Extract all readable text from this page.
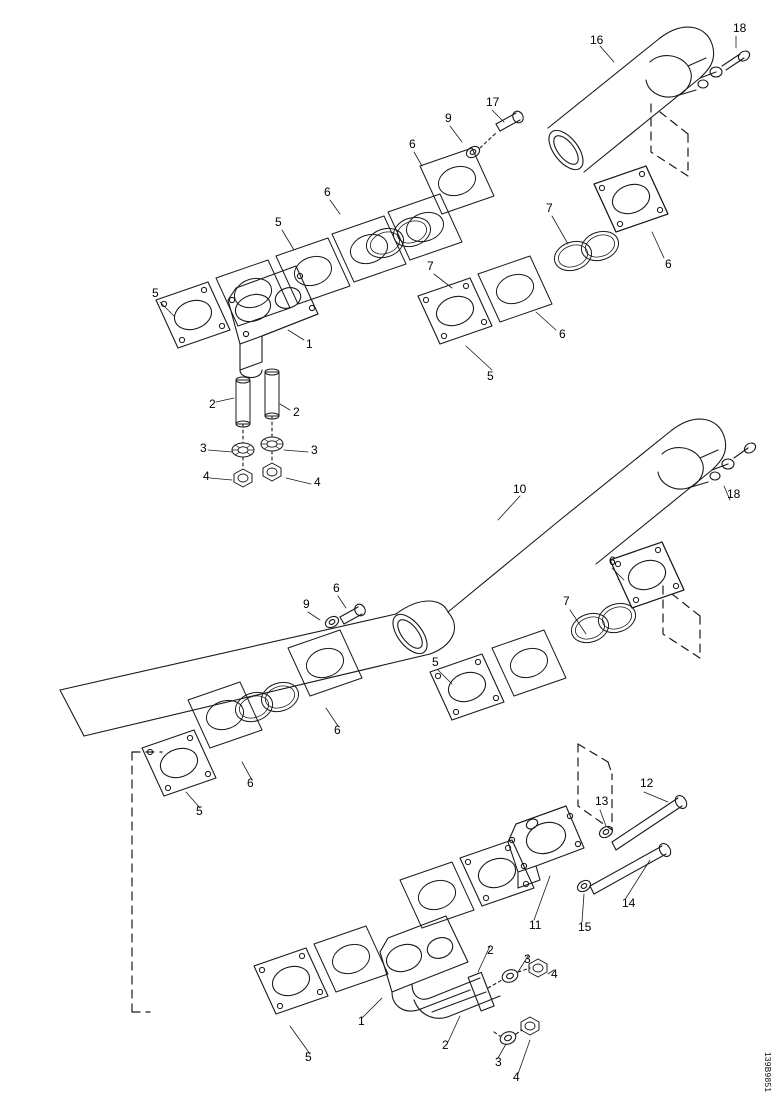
16
18
17
9
6
6
7
5
6
7
5
6
1
5
2
2
3	3
4	4	10	18
6
6
7
9
5
6
6
5
12
13
14
15
11
2
3
4
1
2
3
4
5	139B9851
